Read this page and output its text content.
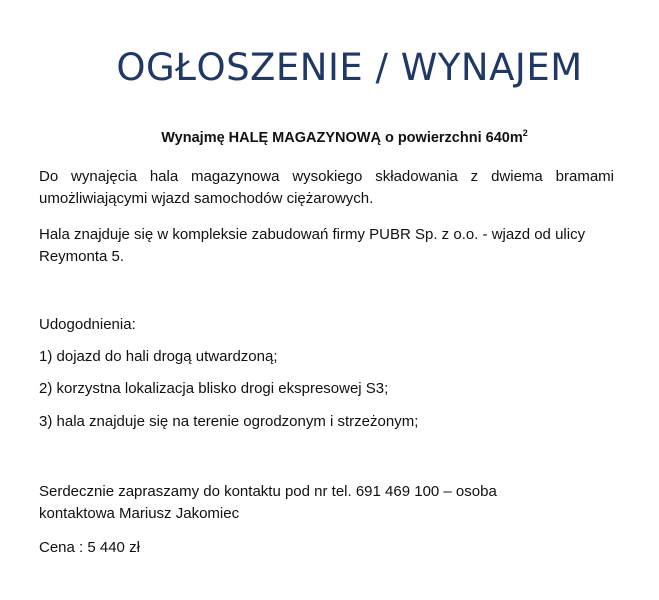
OGŁOSZENIE / WYNAJEM
Wynajmę HALĘ MAGAZYNOWĄ o powierzchni $640m^2$
Do wynajęcia hala magazynowa wysokiego składowania z dwiema bramami
umożliwiającymi wjazd samochodów ciężarowych.
Hala znajduje się w kompleksie zabudowań firmy PUBR Sp. z o.o. - wjazd od ulicy
Reymonta 5.
Udogodnienia:
1) dojazd do hali drogą utwardzoną;
2) korzystna lokalizacja blisko drogi ekspresowej S3;
3) hala znajduje się na terenie ogrodzonym i strzeżonym;
Serdecznie zapraszamy do kontaktu pod nr tel. 691 469 100 – osoba
kontaktowa Mariusz Jakomiec
Cena : 5 440 zł
